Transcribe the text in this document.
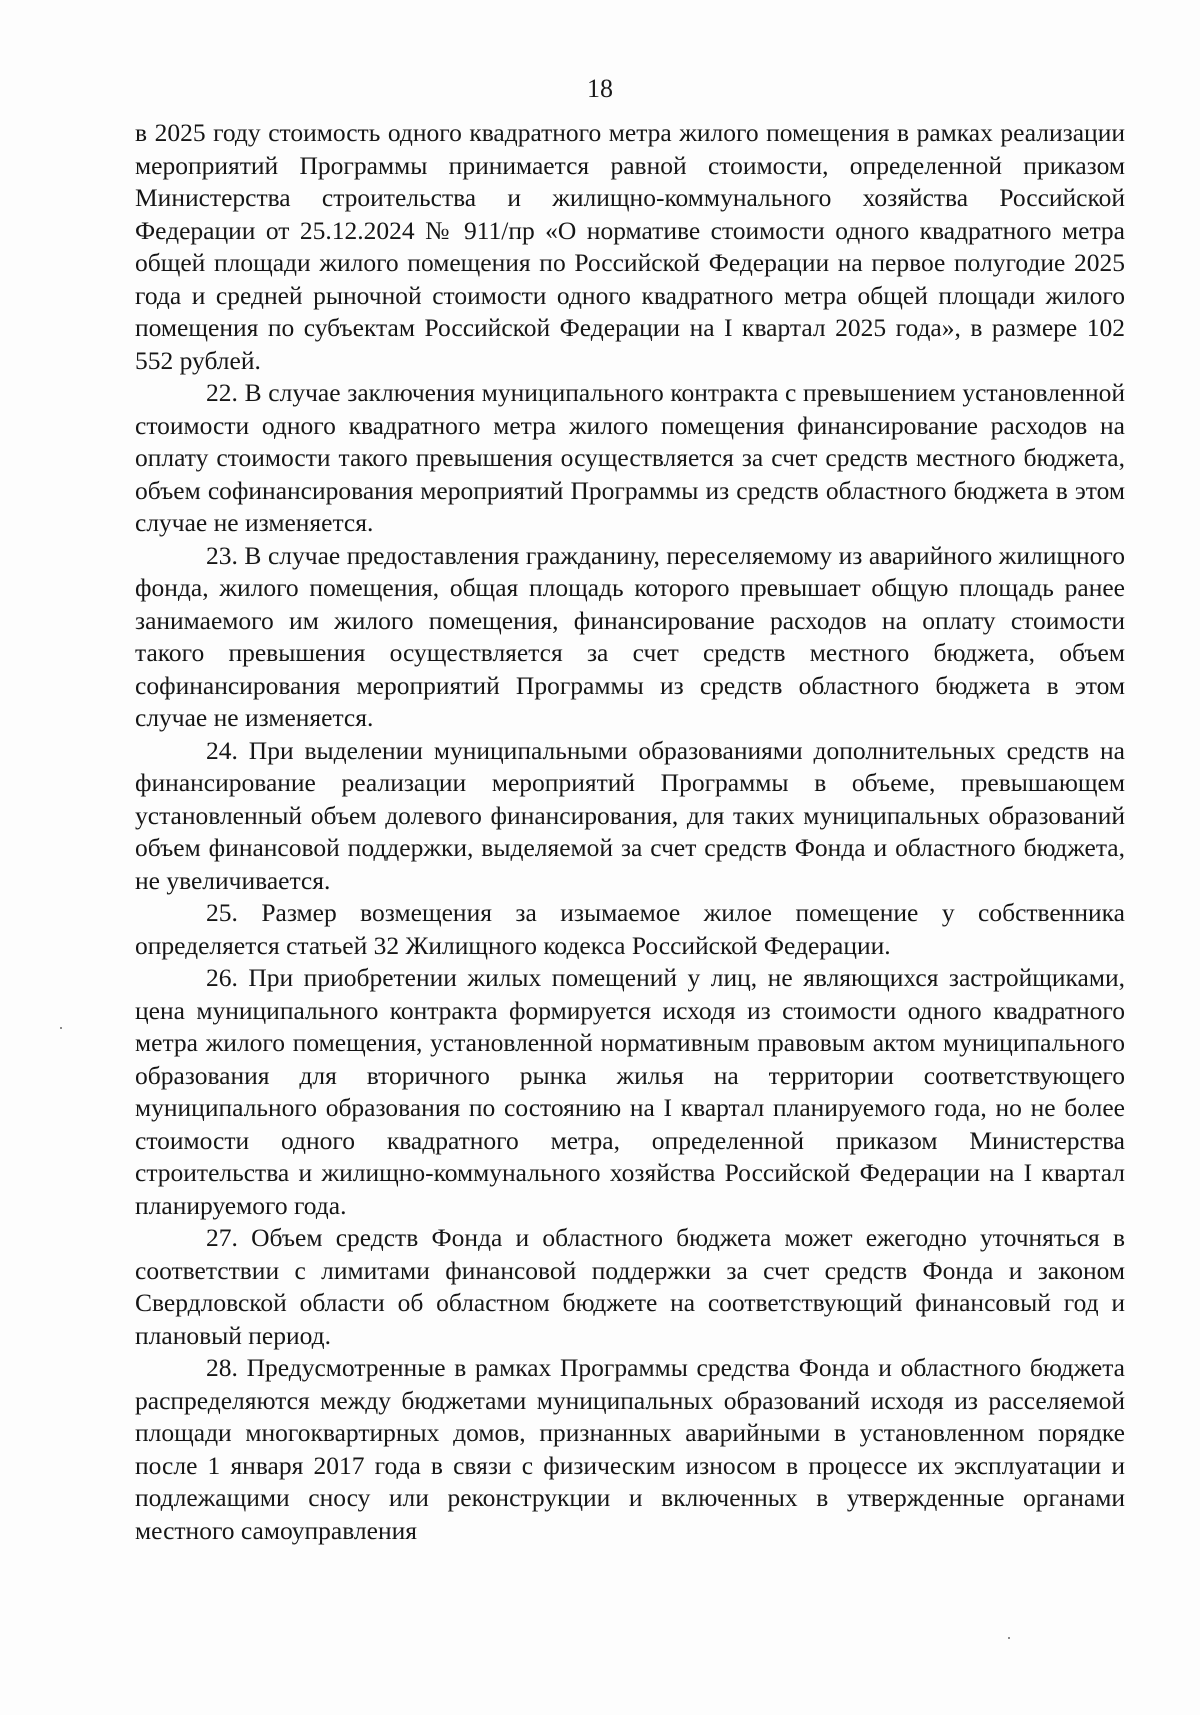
18

в 2025 году стоимость одного квадратного метра жилого помещения в рамках реализации мероприятий Программы принимается равной стоимости, определенной приказом Министерства строительства и жилищно-коммунального хозяйства Российской Федерации от 25.12.2024 № 911/пр «О нормативе стоимости одного квадратного метра общей площади жилого помещения по Российской Федерации на первое полугодие 2025 года и средней рыночной стоимости одного квадратного метра общей площади жилого помещения по субъектам Российской Федерации на I квартал 2025 года», в размере 102 552 рублей.

22. В случае заключения муниципального контракта с превышением установленной стоимости одного квадратного метра жилого помещения финансирование расходов на оплату стоимости такого превышения осуществляется за счет средств местного бюджета, объем софинансирования мероприятий Программы из средств областного бюджета в этом случае не изменяется.

23. В случае предоставления гражданину, переселяемому из аварийного жилищного фонда, жилого помещения, общая площадь которого превышает общую площадь ранее занимаемого им жилого помещения, финансирование расходов на оплату стоимости такого превышения осуществляется за счет средств местного бюджета, объем софинансирования мероприятий Программы из средств областного бюджета в этом случае не изменяется.

24. При выделении муниципальными образованиями дополнительных средств на финансирование реализации мероприятий Программы в объеме, превышающем установленный объем долевого финансирования, для таких муниципальных образований объем финансовой поддержки, выделяемой за счет средств Фонда и областного бюджета, не увеличивается.

25. Размер возмещения за изымаемое жилое помещение у собственника определяется статьей 32 Жилищного кодекса Российской Федерации.

26. При приобретении жилых помещений у лиц, не являющихся застройщиками, цена муниципального контракта формируется исходя из стоимости одного квадратного метра жилого помещения, установленной нормативным правовым актом муниципального образования для вторичного рынка жилья на территории соответствующего муниципального образования по состоянию на I квартал планируемого года, но не более стоимости одного квадратного метра, определенной приказом Министерства строительства и жилищно-коммунального хозяйства Российской Федерации на I квартал планируемого года.

27. Объем средств Фонда и областного бюджета может ежегодно уточняться в соответствии с лимитами финансовой поддержки за счет средств Фонда и законом Свердловской области об областном бюджете на соответствующий финансовый год и плановый период.

28. Предусмотренные в рамках Программы средства Фонда и областного бюджета распределяются между бюджетами муниципальных образований исходя из расселяемой площади многоквартирных домов, признанных аварийными в установленном порядке после 1 января 2017 года в связи с физическим износом в процессе их эксплуатации и подлежащими сносу или реконструкции и включенных в утвержденные органами местного самоуправления
